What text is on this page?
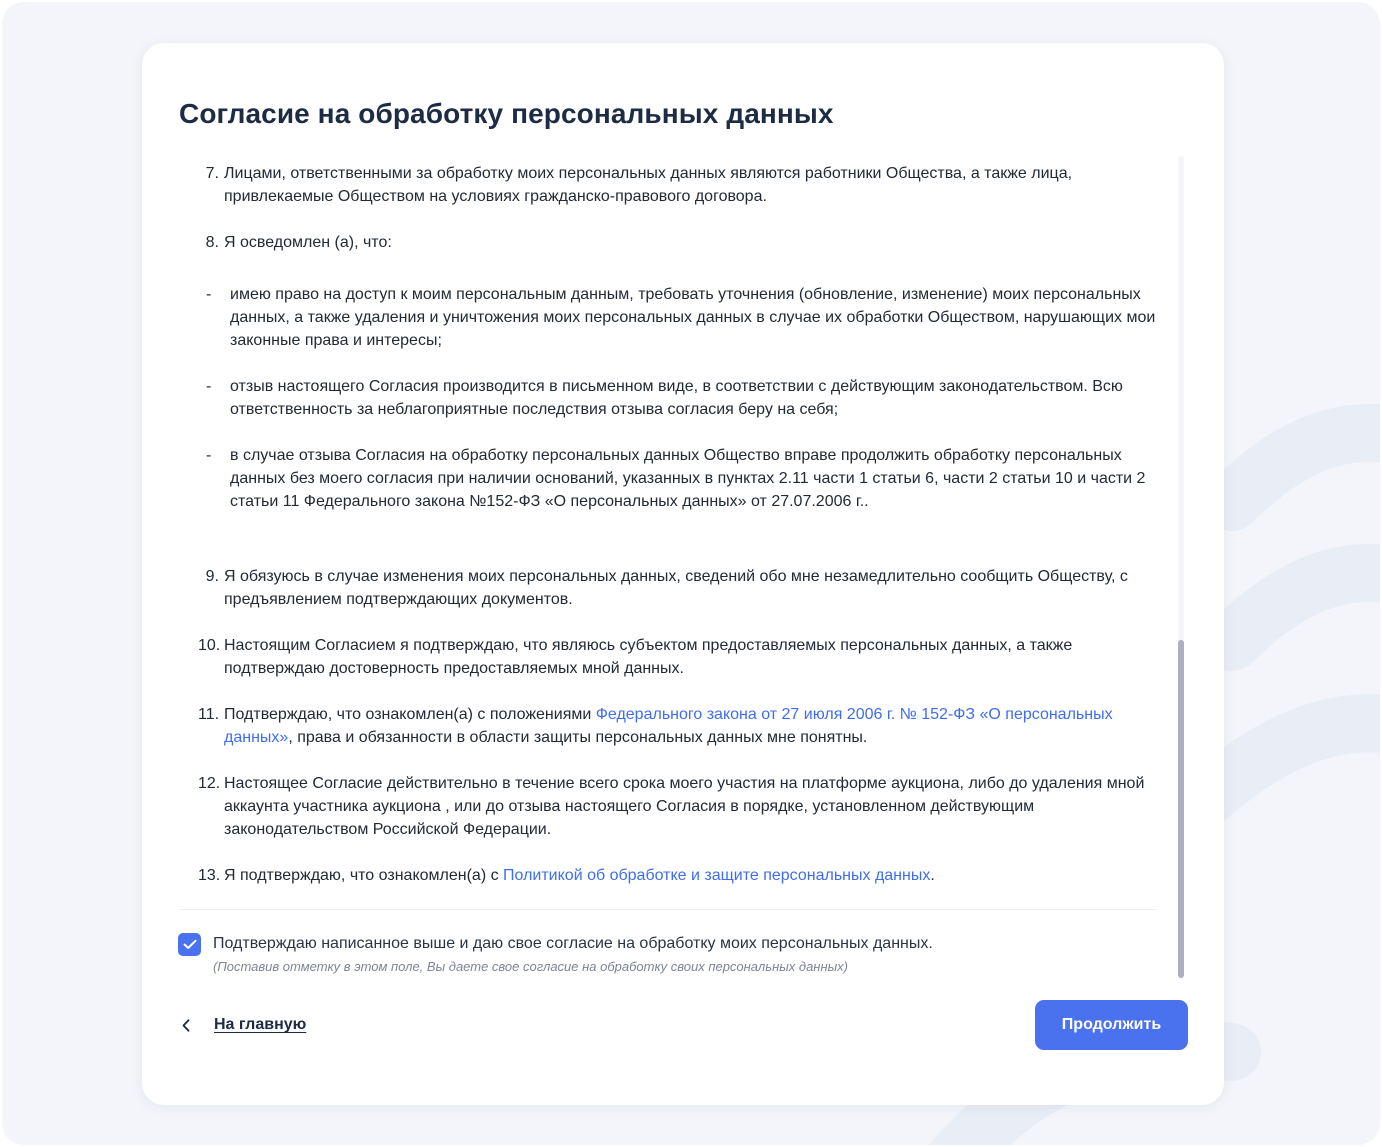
Согласие на обработку персональных данных
7. Лицами, ответственными за обработку моих персональных данных являются работники Общества, а также лица, привлекаемые Обществом на условиях гражданско-правового договора.
8. Я осведомлен (а), что:
-	имею право на доступ к моим персональным данным, требовать уточнения (обновление, изменение) моих персональных данных, а также удаления и уничтожения моих персональных данных в случае их обработки Обществом, нарушающих мои законные права и интересы;
-	отзыв настоящего Согласия производится в письменном виде, в соответствии с действующим законодательством. Всю ответственность за неблагоприятные последствия отзыва согласия беру на себя;
-	в случае отзыва Согласия на обработку персональных данных Общество вправе продолжить обработку персональных данных без моего согласия при наличии оснований, указанных в пунктах 2.11 части 1 статьи 6, части 2 статьи 10 и части 2 статьи 11 Федерального закона №152-ФЗ «О персональных данных» от 27.07.2006 г..
9. Я обязуюсь в случае изменения моих персональных данных, сведений обо мне незамедлительно сообщить Обществу, с предъявлением подтверждающих документов.
10. Настоящим Согласием я подтверждаю, что являюсь субъектом предоставляемых персональных данных, а также подтверждаю достоверность предоставляемых мной данных.
11. Подтверждаю, что ознакомлен(а) с положениями Федерального закона от 27 июля 2006 г. № 152-ФЗ «О персональных данных», права и обязанности в области защиты персональных данных мне понятны.
12. Настоящее Согласие действительно в течение всего срока моего участия на платформе аукциона, либо до удаления мной аккаунта участника аукциона , или до отзыва настоящего Согласия в порядке, установленном действующим законодательством Российской Федерации.
13. Я подтверждаю, что ознакомлен(а) с Политикой об обработке и защите персональных данных.
Подтверждаю написанное выше и даю свое согласие на обработку моих персональных данных.
(Поставив отметку в этом поле, Вы даете свое согласие на обработку своих персональных данных)
На главную	Продолжить
